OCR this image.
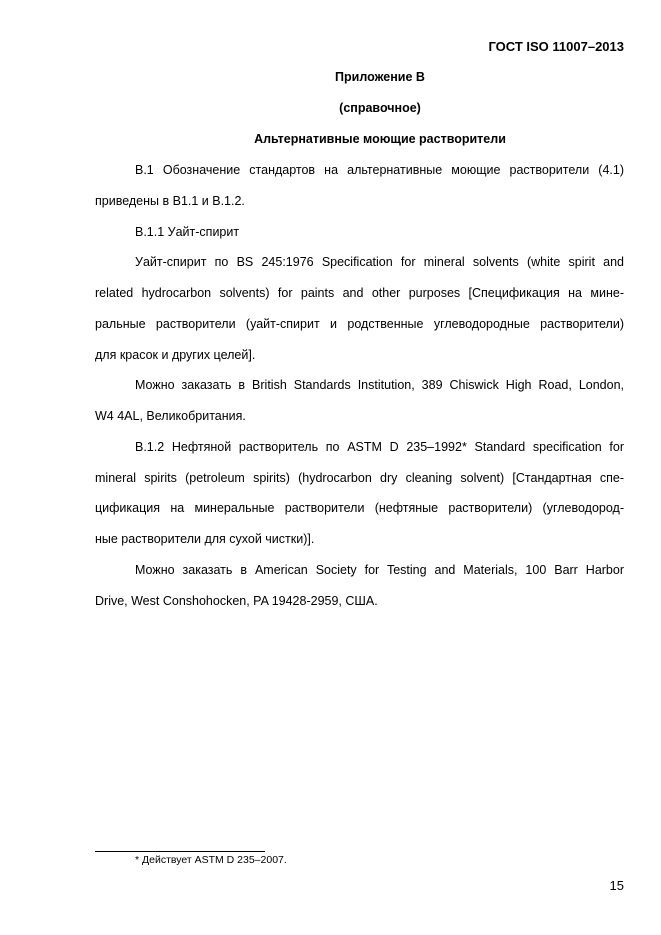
ГОСТ ISO 11007–2013
Приложение В
(справочное)
Альтернативные моющие растворители
В.1 Обозначение стандартов на альтернативные моющие растворители (4.1)
приведены в В1.1 и В.1.2.
В.1.1 Уайт-спирит
Уайт-спирит по BS 245:1976 Specification for mineral solvents (white spirit and
related hydrocarbon solvents) for paints and other purposes [Спецификация на мине-
ральные растворители (уайт-спирит и родственные углеводородные растворители)
для красок и других целей].
Можно заказать в British Standards Institution, 389 Chiswick High Road, London,
W4 4AL, Великобритания.
В.1.2 Нефтяной растворитель по ASTM D 235–1992* Standard specification for
mineral spirits (petroleum spirits) (hydrocarbon dry cleaning solvent) [Стандартная спе-
цификация на минеральные растворители (нефтяные растворители) (углеводород-
ные растворители для сухой чистки)].
Можно заказать в American Society for Testing and Materials, 100 Barr Harbor
Drive, West Conshohocken, PA 19428-2959, США.
* Действует ASTM D 235–2007.
15
